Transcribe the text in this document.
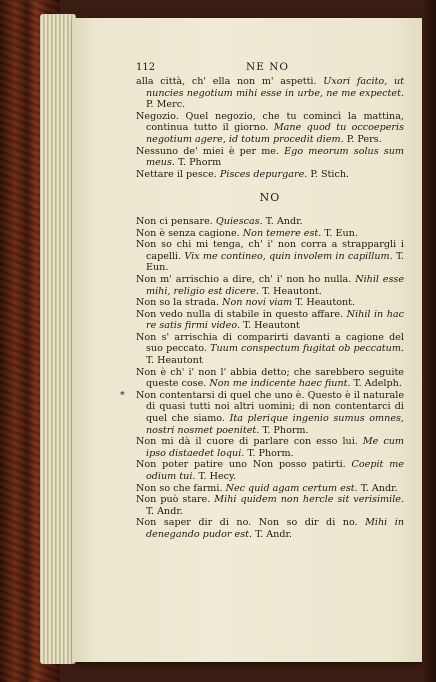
112	NE NO

alla città, ch' ella non m' aspetti. Uxori facito, ut nuncies negotium mihi esse in urbe, ne me expectet. P. Merc.

Negozio. Quel negozio, che tu comincì la mattina, continua tutto il giorno. Mane quod tu occoeperis negotium agere, id totum procedit diem. P. Pers.

Nessuno de' miei è per me. Ego meorum solus sum meus. T. Phorm

Nettare il pesce. Pisces depurgare. P. Stich.

NO

Non ci pensare. Quiescas. T. Andr.

Non è senza cagione. Non temere est. T. Eun.

Non so chi mi tenga, ch' i' non corra a strappargli i capelli. Vix me contineo, quin involem in capillum. T. Eun.

Non m' arrischio a dire, ch' i' non ho nulla. Nihil esse mihi, religio est dicere. T. Heautont.

Non so la strada. Non novi viam T. Heautont.

Non vedo nulla di stabile in questo affare. Nihil in hac re satis firmi video. T. Heautont

Non s' arrischia di comparirti davanti a cagione del suo peccato. Tuum conspectum fugitat ob peccatum. T. Heautont

Non è ch' i' non l' abbia detto; che sarebbero seguite queste cose. Non me indicente haec fiunt. T. Adelph.

Non contentarsi di quel che uno è. Questo è il naturale di quasi tutti noi altri uomini; di non contentarci di quel che siamo. Ita plerique ingenio sumus omnes, nostri nosmet poenitet. T. Phorm.

Non mi dà il cuore di parlare con esso lui. Me cum ipso distaedet loqui. T. Phorm.

Non poter patire uno Non posso patirti. Coepit me odium tui. T. Hecy.

Non so che farmi. Nec quid agam certum est. T. Andr.

Non può stare. Mihi quidem non hercle sit verisimile. T. Andr.

Non saper dir di no. Non so dir di no. Mihi in denegando pudor est. T. Andr.
